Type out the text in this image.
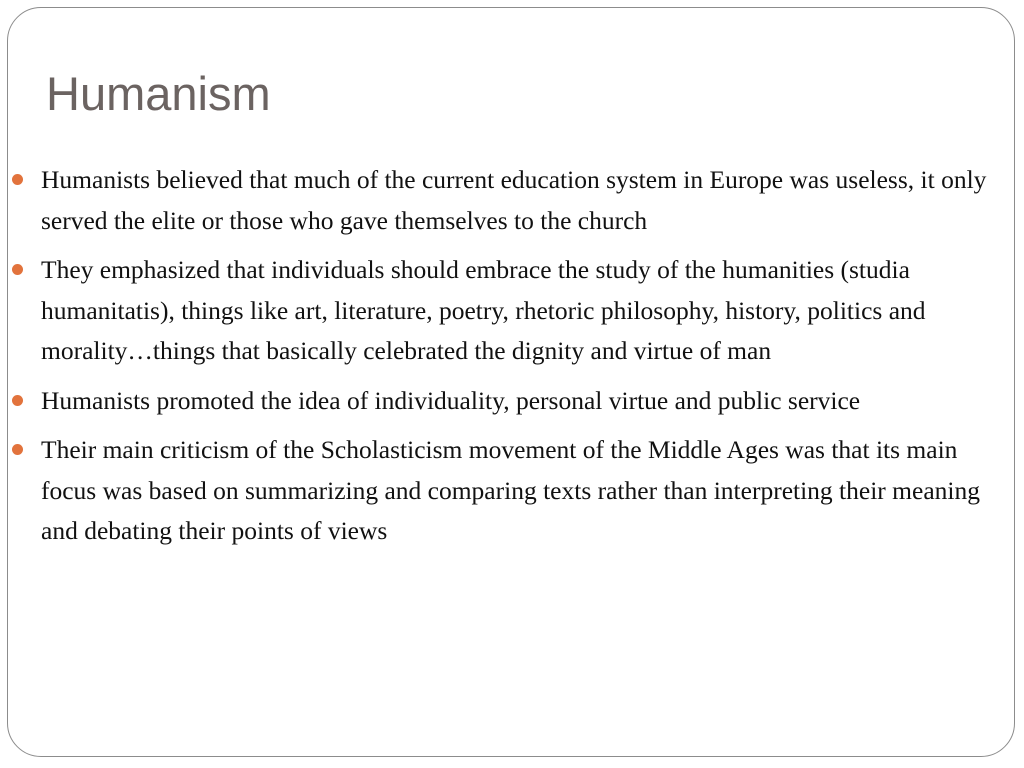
Humanism
Humanists believed that much of the current education system in Europe was useless, it only served the elite or those who gave themselves to the church
They emphasized that individuals should embrace the study of the humanities (studia humanitatis), things like art, literature, poetry, rhetoric philosophy, history, politics and morality…things that basically celebrated the dignity and virtue of man
Humanists promoted the idea of individuality, personal virtue and public service
Their main criticism of the Scholasticism movement of the Middle Ages was that its main focus was based on summarizing and comparing texts rather than interpreting their meaning and debating their points of views
